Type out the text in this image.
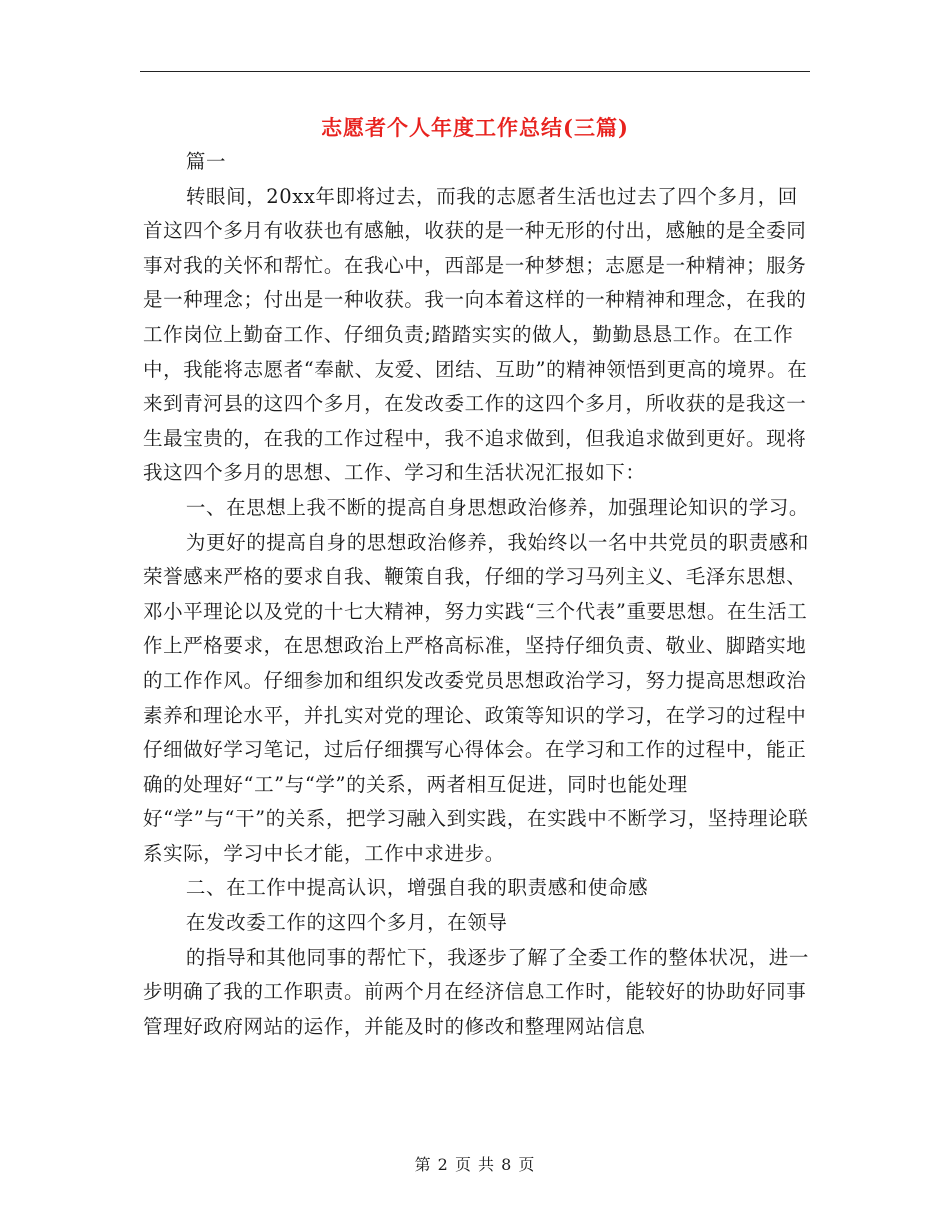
志愿者个人年度工作总结(三篇)

篇一

转眼间，20xx年即将过去，而我的志愿者生活也过去了四个多月，回首这四个多月有收获也有感触，收获的是一种无形的付出，感触的是全委同事对我的关怀和帮忙。在我心中，西部是一种梦想；志愿是一种精神；服务是一种理念；付出是一种收获。我一向本着这样的一种精神和理念，在我的工作岗位上勤奋工作、仔细负责;踏踏实实的做人，勤勤恳恳工作。在工作中，我能将志愿者“奉献、友爱、团结、互助”的精神领悟到更高的境界。在来到青河县的这四个多月，在发改委工作的这四个多月，所收获的是我这一生最宝贵的，在我的工作过程中，我不追求做到，但我追求做到更好。现将我这四个多月的思想、工作、学习和生活状况汇报如下：

一、在思想上我不断的提高自身思想政治修养，加强理论知识的学习。

为更好的提高自身的思想政治修养，我始终以一名中共党员的职责感和荣誉感来严格的要求自我、鞭策自我，仔细的学习马列主义、毛泽东思想、邓小平理论以及党的十七大精神，努力实践“三个代表”重要思想。在生活工作上严格要求，在思想政治上严格高标准，坚持仔细负责、敬业、脚踏实地的工作作风。仔细参加和组织发改委党员思想政治学习，努力提高思想政治素养和理论水平，并扎实对党的理论、政策等知识的学习，在学习的过程中仔细做好学习笔记，过后仔细撰写心得体会。在学习和工作的过程中，能正确的处理好“工”与“学”的关系，两者相互促进，同时也能处理好“学”与“干”的关系，把学习融入到实践，在实践中不断学习，坚持理论联系实际，学习中长才能，工作中求进步。

二、在工作中提高认识，增强自我的职责感和使命感

在发改委工作的这四个多月，在领导

的指导和其他同事的帮忙下，我逐步了解了全委工作的整体状况，进一步明确了我的工作职责。前两个月在经济信息工作时，能较好的协助好同事管理好政府网站的运作，并能及时的修改和整理网站信息

第 2 页 共 8 页
